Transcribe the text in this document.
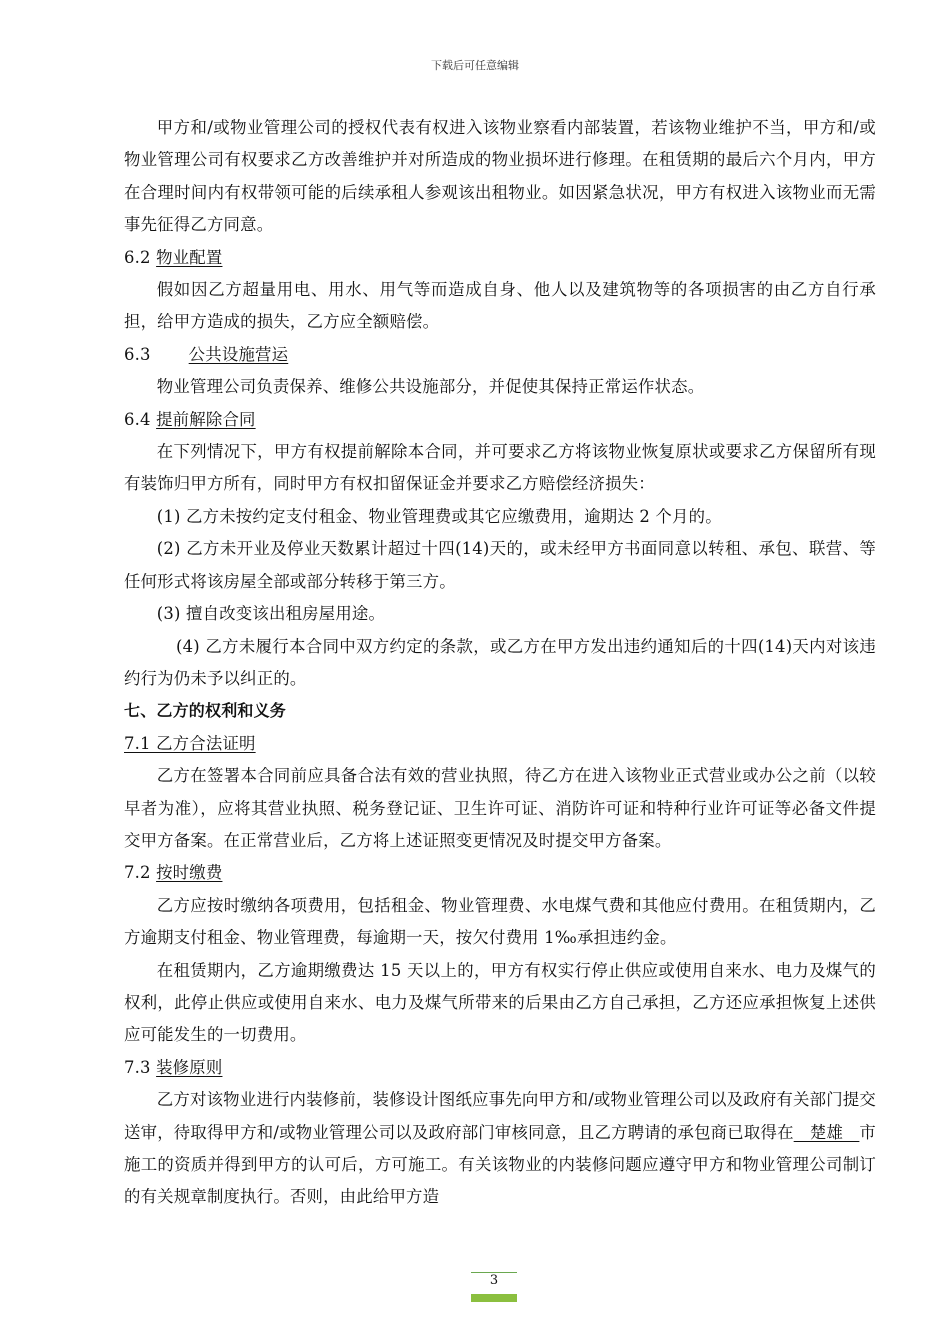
下载后可任意编辑

甲方和/或物业管理公司的授权代表有权进入该物业察看内部装置，若该物业维护不当，甲方和/或物业管理公司有权要求乙方改善维护并对所造成的物业损坏进行修理。在租赁期的最后六个月内，甲方在合理时间内有权带领可能的后续承租人参观该出租物业。如因紧急状况，甲方有权进入该物业而无需事先征得乙方同意。

6.2 物业配置

假如因乙方超量用电、用水、用气等而造成自身、他人以及建筑物等的各项损害的由乙方自行承担，给甲方造成的损失，乙方应全额赔偿。

6.3 公共设施营运

物业管理公司负责保养、维修公共设施部分，并促使其保持正常运作状态。

6.4 提前解除合同

在下列情况下，甲方有权提前解除本合同，并可要求乙方将该物业恢复原状或要求乙方保留所有现有装饰归甲方所有，同时甲方有权扣留保证金并要求乙方赔偿经济损失：

(1) 乙方未按约定支付租金、物业管理费或其它应缴费用，逾期达 2 个月的。

(2) 乙方未开业及停业天数累计超过十四(14)天的，或未经甲方书面同意以转租、承包、联营、等任何形式将该房屋全部或部分转移于第三方。

(3) 擅自改变该出租房屋用途。

(4) 乙方未履行本合同中双方约定的条款，或乙方在甲方发出违约通知后的十四(14)天内对该违约行为仍未予以纠正的。

七、乙方的权利和义务

7.1 乙方合法证明

乙方在签署本合同前应具备合法有效的营业执照，待乙方在进入该物业正式营业或办公之前（以较早者为准），应将其营业执照、税务登记证、卫生许可证、消防许可证和特种行业许可证等必备文件提交甲方备案。在正常营业后，乙方将上述证照变更情况及时提交甲方备案。

7.2 按时缴费

乙方应按时缴纳各项费用，包括租金、物业管理费、水电煤气费和其他应付费用。在租赁期内，乙方逾期支付租金、物业管理费，每逾期一天，按欠付费用 1‰承担违约金。

在租赁期内，乙方逾期缴费达 15 天以上的，甲方有权实行停止供应或使用自来水、电力及煤气的权利，此停止供应或使用自来水、电力及煤气所带来的后果由乙方自己承担，乙方还应承担恢复上述供应可能发生的一切费用。

7.3 装修原则

乙方对该物业进行内装修前，装修设计图纸应事先向甲方和/或物业管理公司以及政府有关部门提交送审，待取得甲方和/或物业管理公司以及政府部门审核同意，且乙方聘请的承包商已取得在   楚雄   市施工的资质并得到甲方的认可后，方可施工。有关该物业的内装修问题应遵守甲方和物业管理公司制订的有关规章制度执行。否则，由此给甲方造

3
